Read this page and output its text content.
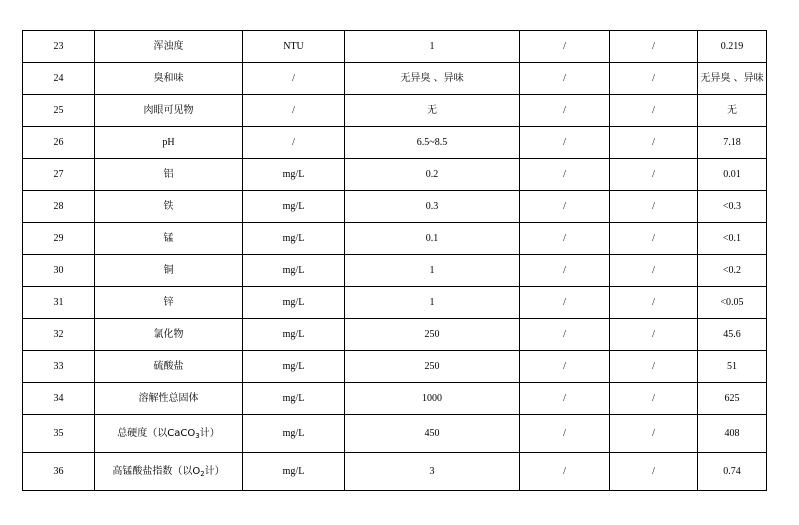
23	浑浊度	NTU	1	/	/	0.219
24	臭和味	/	无异臭 、异味	/	/	无异臭 、异味
25	肉眼可见物	/	无	/	/	无
26	pH	/	6.5~8.5	/	/	7.18
27	铝	mg/L	0.2	/	/	0.01
28	铁	mg/L	0.3	/	/	<0.3
29	锰	mg/L	0.1	/	/	<0.1
30	铜	mg/L	1	/	/	<0.2
31	锌	mg/L	1	/	/	<0.05
32	氯化物	mg/L	250	/	/	45.6
33	硫酸盐	mg/L	250	/	/	51
34	溶解性总固体	mg/L	1000	/	/	625
35	总硬度（以CaCO$_3$计）	mg/L	450	/	/	408
36	高锰酸盐指数（以$O_2$计）	mg/L	3	/	/	0.74
